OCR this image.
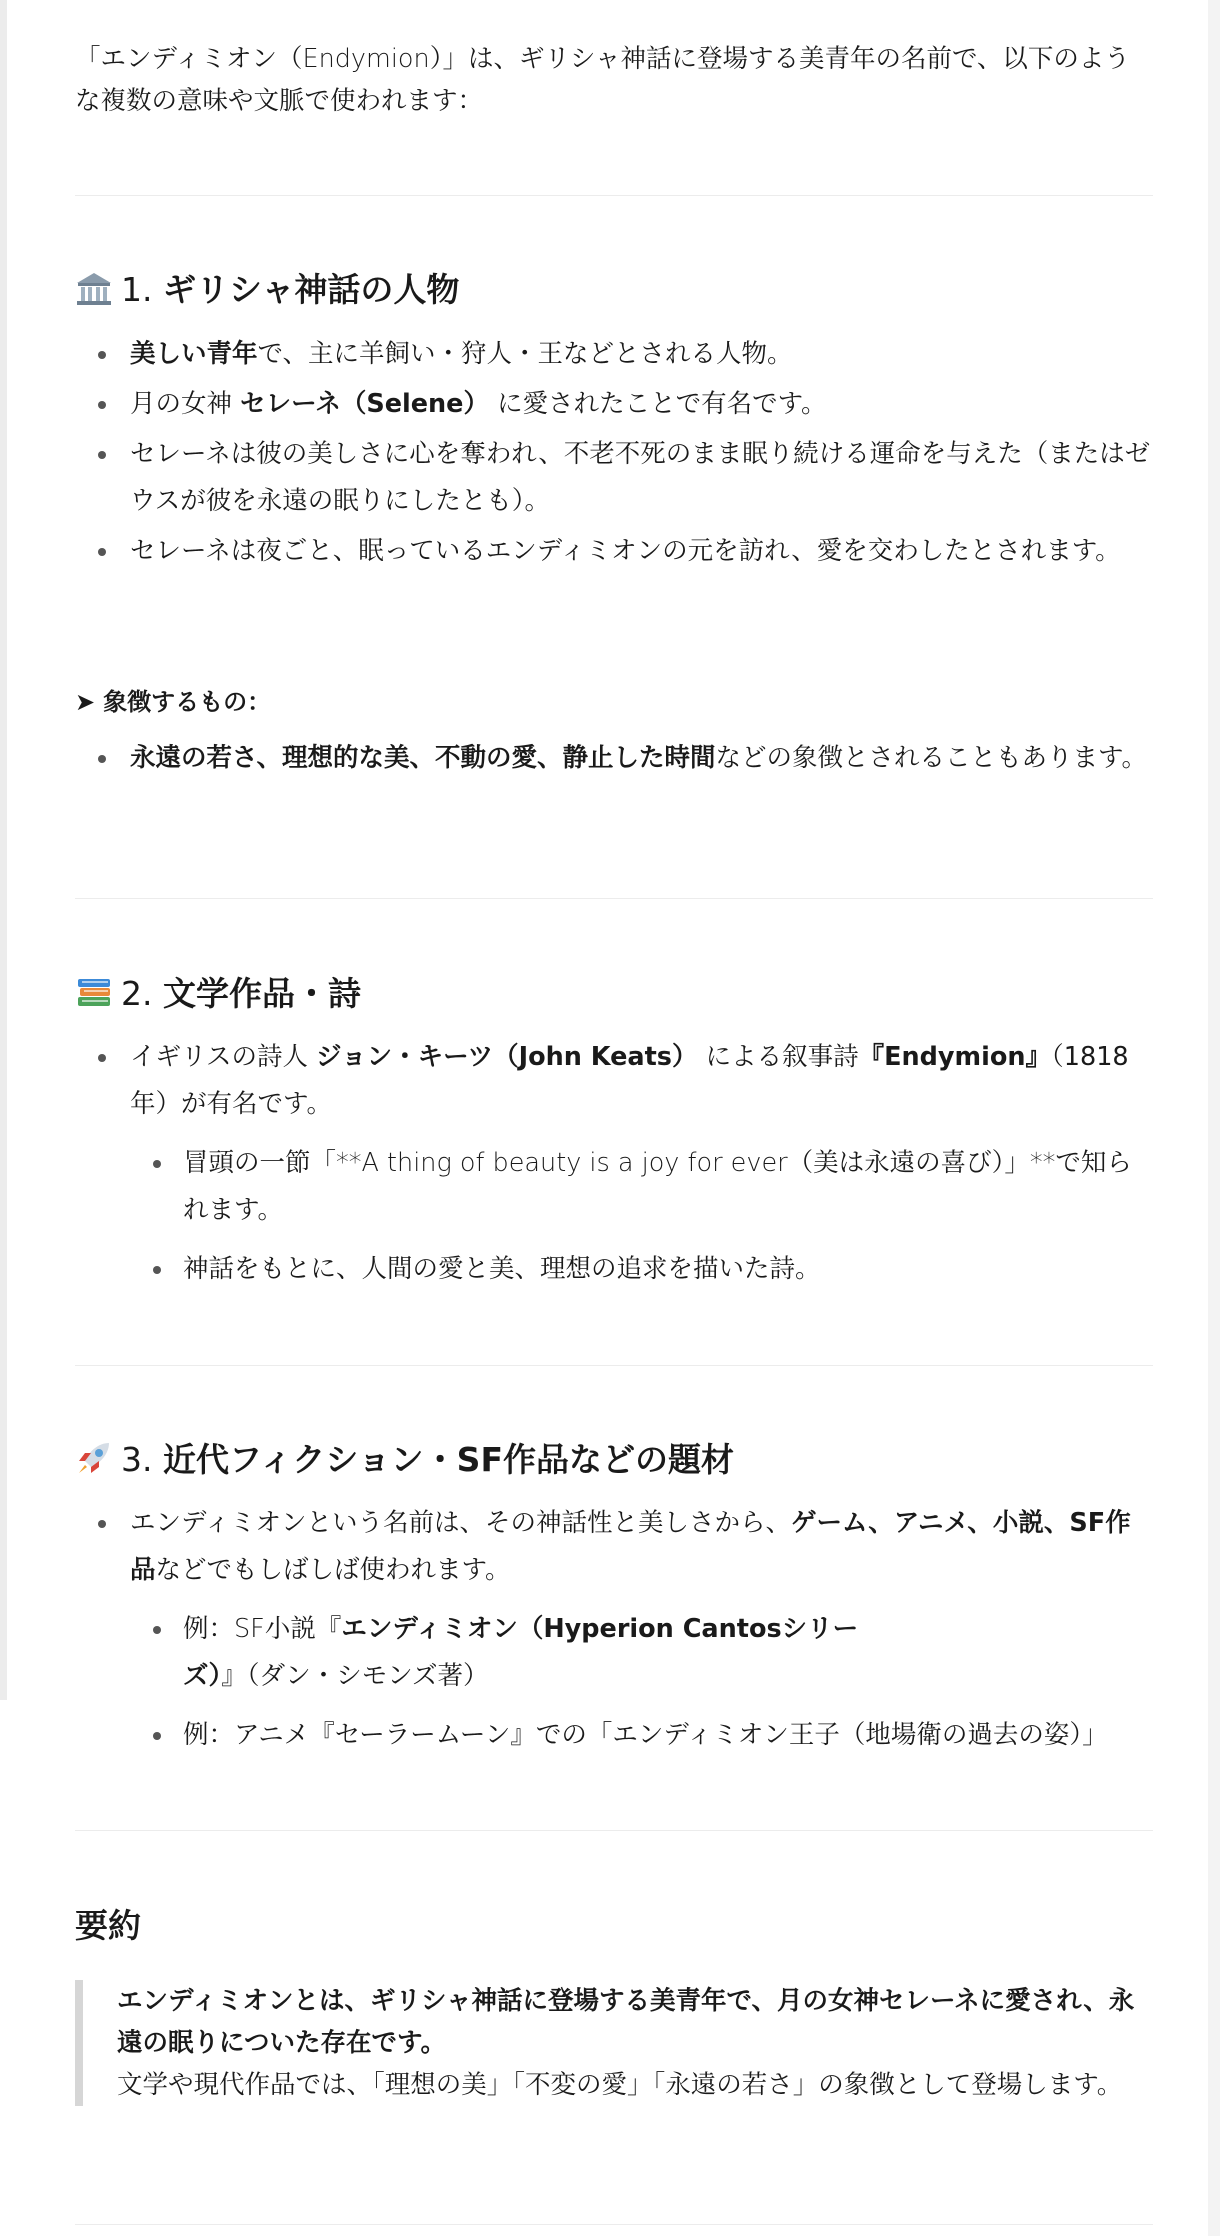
「エンディミオン（Endymion）」は、ギリシャ神話に登場する美青年の名前で、以下のような複数の意味や文脈で使われます：

1. ギリシャ神話の人物
美しい青年で、主に羊飼い・狩人・王などとされる人物。
月の女神 セレーネ（Selene） に愛されたことで有名です。
セレーネは彼の美しさに心を奪われ、不老不死のまま眠り続ける運命を与えた（またはゼウスが彼を永遠の眠りにしたとも）。
セレーネは夜ごと、眠っているエンディミオンの元を訪れ、愛を交わしたとされます。
➤ 象徴するもの：
永遠の若さ、理想的な美、不動の愛、静止した時間などの象徴とされることもあります。
2. 文学作品・詩
イギリスの詩人 ジョン・キーツ（John Keats） による叙事詩『Endymion』（1818年）が有名です。
冒頭の一節「**A thing of beauty is a joy for ever（美は永遠の喜び）」**で知られます。
神話をもとに、人間の愛と美、理想の追求を描いた詩。
3. 近代フィクション・SF作品などの題材
エンディミオンという名前は、その神話性と美しさから、ゲーム、アニメ、小説、SF作品などでもしばしば使われます。
例：SF小説『エンディミオン（Hyperion Cantosシリーズ）』（ダン・シモンズ著）
例：アニメ『セーラームーン』での「エンディミオン王子（地場衛の過去の姿）」
要約

エンディミオンとは、ギリシャ神話に登場する美青年で、月の女神セレーネに愛され、永遠の眠りについた存在です。

文学や現代作品では、「理想の美」「不変の愛」「永遠の若さ」の象徴として登場します。
